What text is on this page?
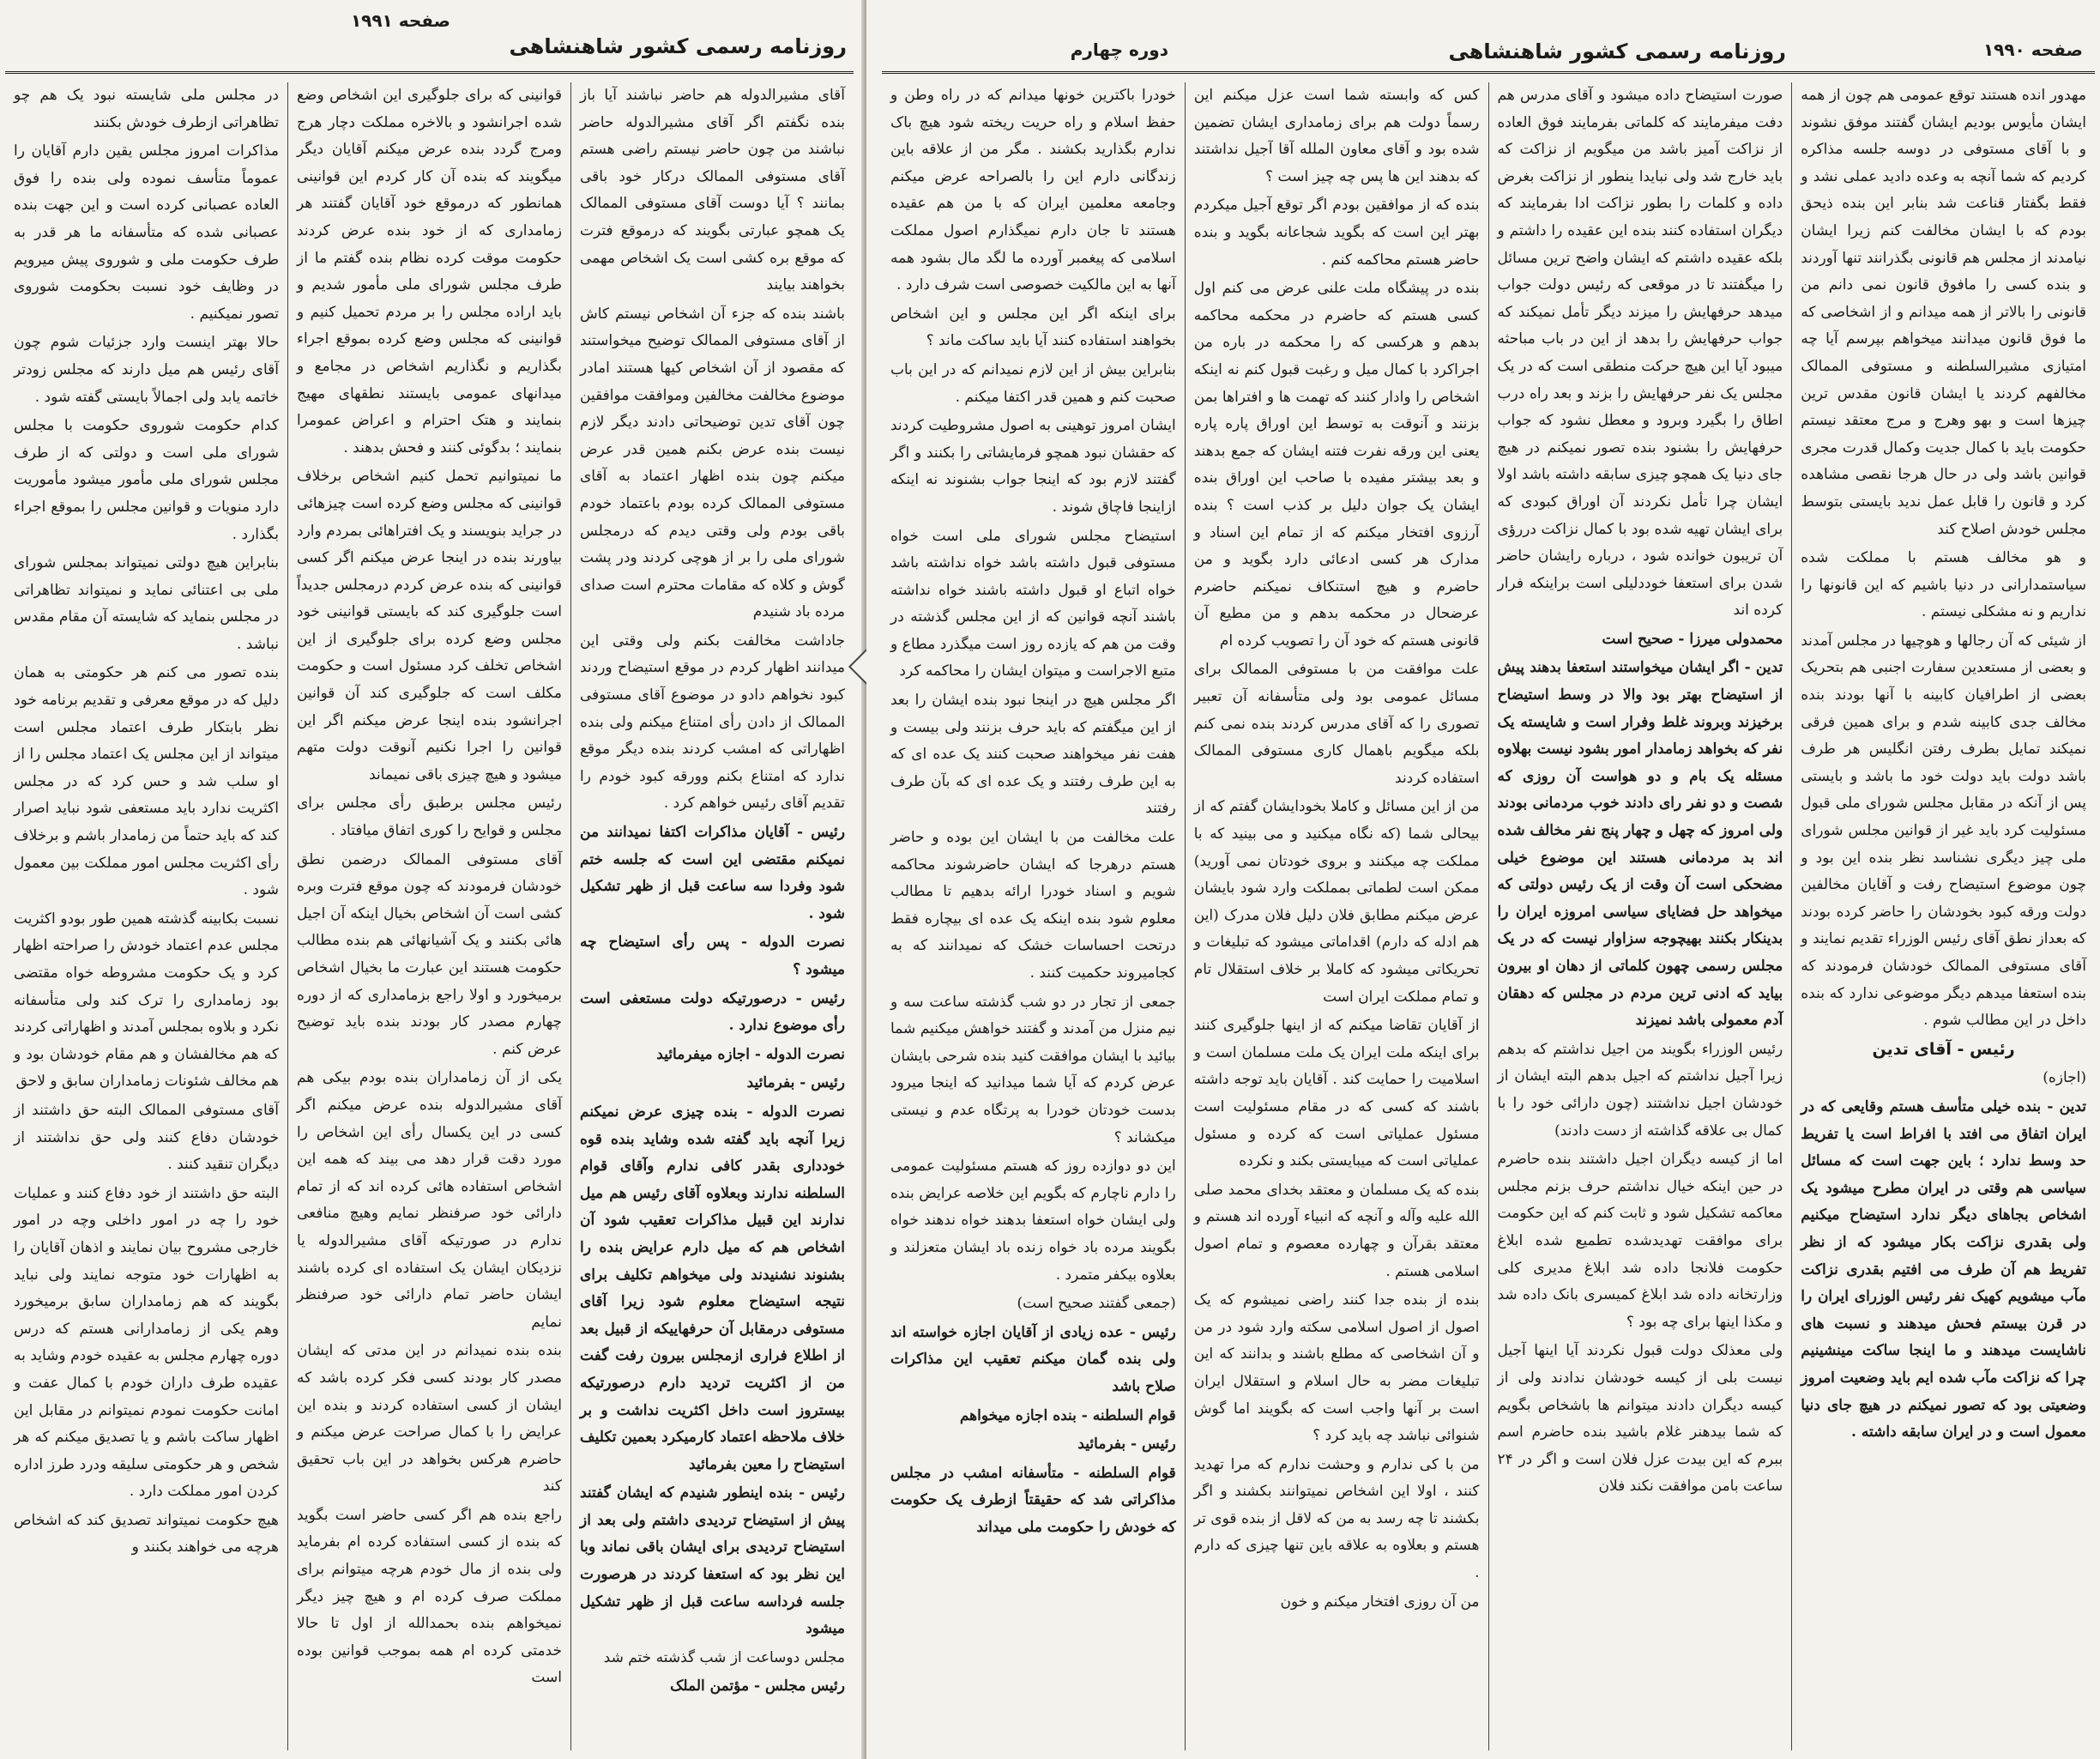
روزنامه رسمی کشور شاهنشاهی
صفحه ۱۹۹۱

آقای مشیرالدوله هم حاضر نباشند آیا باز بنده نگفتم اگر آقای مشیرالدوله حاضر نباشند من چون حاضر نیستم راضی هستم آقای مستوفی الممالک درکار خود باقی بمانند ؟ آیا دوست آقای مستوفی الممالک یک همچو عبارتی بگویند که درموقع فترت که موقع بره کشی است یک اشخاص مهمی بخواهند بیایند

باشند بنده که جزء آن اشخاص نیستم کاش از آقای مستوفی الممالک توضیح میخواستند که مقصود از آن اشخاص کیها هستند امادر موضوع مخالفت مخالفین وموافقت موافقین چون آقای تدین توضیحاتی دادند دیگر لازم نیست بنده عرض بکنم همین قدر عرض میکنم چون بنده اظهار اعتماد به آقای مستوفی الممالک کرده بودم باعتماد خودم باقی بودم ولی وقتی دیدم که درمجلس شورای ملی را بر از هوچی کردند ودر پشت گوش و کلاه که مقامات محترم است صدای مرده باد شنیدم

جاداشت مخالفت بکنم ولی وقتی این میدانند اظهار کردم در موقع استیضاح وردند کبود نخواهم دادو در موضوع آقای مستوفی الممالک از دادن رأی امتناع میکنم ولی بنده اظهاراتی که امشب کردند بنده دیگر موقع ندارد که امتناع بکنم وورقه کبود خودم را تقدیم آقای رئیس خواهم کرد .

رئیس - آقایان مذاکرات اکتفا نمیدانند من نمیکنم مقتضی این است که جلسه ختم شود وفردا سه ساعت قبل از ظهر تشکیل شود .

نصرت الدوله - پس رأی استیضاح چه میشود ؟

رئیس - درصورتیکه دولت مستعفی است رأی موضوع ندارد .

نصرت الدوله - اجازه میفرمائید

رئیس - بفرمائید

نصرت الدوله - بنده چیزی عرض نمیکنم زیرا آنچه باید گفته شده وشاید بنده قوه خودداری بقدر کافی ندارم وآقای قوام السلطنه ندارند وبعلاوه آقای رئیس هم میل ندارند این قبیل مذاکرات تعقیب شود آن اشخاص هم که میل دارم عرایض بنده را بشنوند نشنیدند ولی میخواهم تکلیف برای نتیجه استیضاح معلوم شود زیرا آقای مستوفی درمقابل آن حرفهاییکه از قبیل بعد از اطلاع فراری ازمجلس بیرون رفت گفت من از اکثریت تردید دارم درصورتیکه بیستروز است داخل اکثریت نداشت و بر خلاف ملاحظه اعتماد کارمیکرد بعمین تکلیف استیضاح را معین بفرمائید

رئیس - بنده اینطور شنیدم که ایشان گفتند پیش از استیضاح تردیدی داشتم ولی بعد از استیضاح تردیدی برای ایشان باقی نماند وبا این نظر بود که استعفا کردند در هرصورت جلسه فرداسه ساعت قبل از ظهر تشکیل میشود

مجلس دوساعت از شب گذشته ختم شد

رئیس مجلس - مؤتمن الملک

قوانینی که برای جلوگیری این اشخاص وضع شده اجرانشود و بالاخره مملکت دچار هرج ومرج گردد بنده عرض میکنم آقایان دیگر میگویند که بنده آن کار کردم این قوانینی همانطور که درموقع خود آقایان گفتند هر زمامداری که از خود بنده عرض کردند حکومت موقت کرده نظام بنده گفتم ما از طرف مجلس شورای ملی مأمور شدیم و باید اراده مجلس را بر مردم تحمیل کنیم و قوانینی که مجلس وضع کرده بموقع اجراء بگذاریم و نگذاریم اشخاص در مجامع و میدانهای عمومی بایستند نطقهای مهیج بنمایند و هتک احترام و اعراض عمومرا بنمایند ؛ بدگوئی کنند و فحش بدهند .

ما نمیتوانیم تحمل کنیم اشخاص برخلاف قوانینی که مجلس وضع کرده است چیزهائی در جراید بنویسند و یک افتراهائی بمردم وارد بیاورند بنده در اینجا عرض میکنم اگر کسی قوانینی که بنده عرض کردم درمجلس جدیداً است جلوگیری کند که بایستی قوانینی خود مجلس وضع کرده برای جلوگیری از این اشخاص تخلف کرد مسئول است و حکومت مکلف است که جلوگیری کند آن قوانین اجرانشود بنده اینجا عرض میکنم اگر این قوانین را اجرا نکنیم آنوقت دولت متهم میشود و هیچ چیزی باقی نمیماند

رئیس مجلس برطبق رأی مجلس برای مجلس و قوایح را کوری اتفاق میافتاد .

آقای مستوفی الممالک درضمن نطق خودشان فرمودند که چون موقع فترت وبره کشی است آن اشخاص بخیال اینکه آن اجیل هائی بکنند و یک آشیانهائی هم بنده مطالب حکومت هستند این عبارت ما بخیال اشخاص برمیخورد و اولا راجع بزمامداری که از دوره چهارم مصدر کار بودند بنده باید توضیح عرض کنم .

یکی از آن زمامداران بنده بودم بیکی هم آقای مشیرالدوله بنده عرض میکنم اگر کسی در این یکسال رأی این اشخاص را مورد دقت قرار دهد می بیند که همه این اشخاص استفاده هائی کرده اند که از تمام دارائی خود صرفنظر نمایم وهیچ منافعی ندارم در صورتیکه آقای مشیرالدوله یا نزدیکان ایشان یک استفاده ای کرده باشند ایشان حاضر تمام دارائی خود صرفنظر نمایم

بنده بنده نمیدانم در این مدتی که ایشان مصدر کار بودند کسی فکر کرده باشد که ایشان از کسی استفاده کردند و بنده این عرایض را با کمال صراحت عرض میکنم و حاضرم هرکس بخواهد در این باب تحقیق کند

راجع بنده هم اگر کسی حاضر است بگوید که بنده از کسی استفاده کرده ام بفرماید ولی بنده از مال خودم هرچه میتوانم برای مملکت صرف کرده ام و هیچ چیز دیگر نمیخواهم بنده بحمدالله از اول تا حالا خدمتی کرده ام همه بموجب قوانین بوده است

در مجلس ملی شایسته نبود یک هم چو تظاهراتی ازطرف خودش بکنند

مذاکرات امروز مجلس یقین دارم آقایان را عموماً متأسف نموده ولی بنده را فوق العاده عصبانی کرده است و این جهت بنده عصبانی شده که متأسفانه ما هر قدر به طرف حکومت ملی و شوروی پیش میرویم در وظایف خود نسبت بحکومت شوروی تصور نمیکنیم .

حالا بهتر اینست وارد جزئیات شوم چون آقای رئیس هم میل دارند که مجلس زودتر خاتمه یابد ولی اجمالاً بایستی گفته شود .

کدام حکومت شوروی حکومت با مجلس شورای ملی است و دولتی که از طرف مجلس شورای ملی مأمور میشود مأموریت دارد منویات و قوانین مجلس را بموقع اجراء بگذارد .

بنابراین هیچ دولتی نمیتواند بمجلس شورای ملی بی اعتنائی نماید و نمیتواند تظاهراتی در مجلس بنماید که شایسته آن مقام مقدس نباشد .

بنده تصور می کنم هر حکومتی به همان دلیل که در موقع معرفی و تقدیم برنامه خود نظر بابتکار طرف اعتماد مجلس است میتواند از این مجلس یک اعتماد مجلس را از او سلب شد و حس کرد که در مجلس اکثریت ندارد باید مستعفی شود نباید اصرار کند که باید حتماً من زمامدار باشم و برخلاف رأی اکثریت مجلس امور مملکت بین معمول شود .

نسبت بکابینه گذشته همین طور بودو اکثریت مجلس عدم اعتماد خودش را صراحته اظهار کرد و یک حکومت مشروطه خواه مقتضی بود زمامداری را ترک کند ولی متأسفانه نکرد و بلاوه بمجلس آمدند و اظهاراتی کردند که هم مخالفشان و هم مقام خودشان بود و هم مخالف شئونات زمامداران سابق و لاحق

آقای مستوفی الممالک البته حق داشتند از خودشان دفاع کنند ولی حق نداشتند از دیگران تنقید کنند .

البته حق داشتند از خود دفاع کنند و عملیات خود را چه در امور داخلی وچه در امور خارجی مشروح بیان نمایند و اذهان آقایان را به اظهارات خود متوجه نمایند ولی نباید بگویند که هم زمامداران سابق برمیخورد وهم یکی از زمامدارانی هستم که درس دوره چهارم مجلس به عقیده خودم وشاید به عقیده طرف داران خودم با کمال عفت و امانت حکومت نمودم نمیتوانم در مقابل این اظهار ساکت باشم و یا تصدیق میکنم که هر شخص و هر حکومتی سلیقه ودرد طرز اداره کردن امور مملکت دارد .

هیچ حکومت نمیتواند تصدیق کند که اشخاص هرچه می خواهند بکنند و

صفحه ۱۹۹۰
روزنامه رسمی کشور شاهنشاهی
دوره چهارم

مهدور انده هستند توقع عمومی هم چون از همه ایشان مأیوس بودیم ایشان گفتند موفق نشوند و با آقای مستوفی در دوسه جلسه مذاکره کردیم که شما آنچه به وعده دادید عملی نشد و فقط بگفتار قناعت شد بنابر این بنده ذیحق بودم که با ایشان مخالفت کنم زیرا ایشان نیامدند از مجلس هم قانونی بگذرانند تنها آوردند و بنده کسی را مافوق قانون نمی دانم من قانونی را بالاتر از همه میدانم و از اشخاصی که ما فوق قانون میدانند میخواهم بپرسم آیا چه امتیازی مشیرالسلطنه و مستوفی الممالک مخالفهم کردند یا ایشان قانون مقدس ترین چیزها است و بهو وهرج و مرج معتقد نیستم حکومت باید با کمال جدیت وکمال قدرت مجری قوانین باشد ولی در حال هرجا نقصی مشاهده کرد و قانون را قابل عمل ندید بایستی بتوسط مجلس خودش اصلاح کند

و هو مخالف هستم با مملکت شده سیاستمدارانی در دنیا باشیم که این قانونها را نداریم و نه مشکلی نیستم .

از شیئی که آن رجالها و هوچیها در مجلس آمدند و بعضی از مستعدین سفارت اجنبی هم بتحریک بعضی از اطرافیان کابینه با آنها بودند بنده مخالف جدی کابینه شدم و برای همین فرقی نمیکند تمایل بطرف رفتن انگلیس هر طرف باشد دولت باید دولت خود ما باشد و بایستی پس از آنکه در مقابل مجلس شورای ملی قبول مسئولیت کرد باید غیر از قوانین مجلس شورای ملی چیز دیگری نشناسد نظر بنده این بود و چون موضوع استیضاح رفت و آقایان مخالفین دولت ورقه کبود بخودشان را حاضر کرده بودند که بعداز نطق آقای رئیس الوزراء تقدیم نمایند و آقای مستوفی الممالک خودشان فرمودند که بنده استعفا میدهم دیگر موضوعی ندارد که بنده داخل در این مطالب شوم .

رئیس - آقای تدین

(اجازه)

تدین - بنده خیلی متأسف هستم وقایعی که در ایران اتفاق می افتد با افراط است یا تفریط حد وسط ندارد ؛ باین جهت است که مسائل سیاسی هم وقتی در ایران مطرح میشود یک اشخاص بجاهای دیگر ندارد استیضاح میکنیم ولی بقدری نزاکت بکار میشود که از نظر تفریط هم آن طرف می افتیم بقدری نزاکت مآب میشویم کهیک نفر رئیس الوزرای ایران را در قرن بیستم فحش میدهند و نسبت های ناشایست میدهند و ما اینجا ساکت مینشینیم چرا که نزاکت مآب شده ایم باید وضعیت امروز وضعیتی بود که تصور نمیکنم در هیچ جای دنیا معمول است و در ایران سابقه داشته .

صورت استیضاح داده میشود و آقای مدرس هم دفت میفرمایند که کلماتی بفرمایند فوق العاده از نزاکت آمیز باشد من میگویم از نزاکت که باید خارج شد ولی نبایدا ینطور از نزاکت بغرض داده و کلمات را بطور نزاکت ادا بفرمایند که دیگران استفاده کنند بنده این عقیده را داشتم و بلکه عقیده داشتم که ایشان واضح ترین مسائل را میگفتند تا در موقعی که رئیس دولت جواب میدهد حرفهایش را میزند دیگر تأمل نمیکند که جواب حرفهایش را بدهد از این در باب مباحثه میبود آیا این هیچ حرکت منطقی است که در یک مجلس یک نفر حرفهایش را بزند و بعد راه درب اطاق را بگیرد وبرود و معطل نشود که جواب حرفهایش را بشنود بنده تصور نمیکنم در هیچ جای دنیا یک همچو چیزی سابقه داشته باشد اولا ایشان چرا تأمل نکردند آن اوراق کبودی که برای ایشان تهیه شده بود با کمال نزاکت دررؤی آن تریبون خوانده شود ، درباره رایشان حاضر شدن برای استعفا خوددلیلی است براینکه فرار کرده اند

محمدولی میرزا - صحیح است

تدین - اگر ایشان میخواستند استعفا بدهند پیش از استیضاح بهتر بود والا در وسط استیضاح برخیزند وبروند غلط وفرار است و شایسته یک نفر که بخواهد زمامدار امور بشود نیست بهلاوه مسئله یک بام و دو هواست آن روزی که شصت و دو نفر رای دادند خوب مردمانی بودند ولی امروز که چهل و چهار پنج نفر مخالف شده اند بد مردمانی هستند این موضوع خیلی مضحکی است آن وقت از یک رئیس دولتی که میخواهد حل فضایای سیاسی امروزه ایران را بدینکار بکنند بهیچوجه سزاوار نیست که در یک مجلس رسمی چهون کلماتی از دهان او بیرون بیاید که ادنی ترین مردم در مجلس که دهقان آدم معمولی باشد نمیزند

رئیس الوزراء بگویند من اجیل نداشتم که بدهم زیرا آجیل نداشتم که اجیل بدهم البته ایشان از خودشان اجیل نداشتند (چون دارائی خود را با کمال بی علاقه گذاشته از دست دادند)

اما از کیسه دیگران اجیل داشتند بنده حاضرم در حین اینکه خیال نداشتم حرف بزنم مجلس معاکمه تشکیل شود و ثابت کنم که این حکومت برای موافقت تهدیدشده تطمیع شده ابلاغ حکومت فلانجا داده شد ابلاغ مدیری کلی وزارتخانه داده شد ابلاغ کمیسری بانک داده شد و مکذا اینها برای چه بود ؟

ولی معذلک دولت قبول نکردند آیا اینها آجیل نیست بلی از کیسه خودشان ندادند ولی از کیسه دیگران دادند میتوانم ها باشخاص بگویم که شما بیدهنر غلام باشید بنده حاضرم اسم ببرم که این بیدت عزل فلان است و اگر در ۲۴ ساعت بامن موافقت نکند فلان

کس که وابسته شما است عزل میکنم این رسماً دولت هم برای زمامداری ایشان تضمین شده بود و آقای معاون الملله آقا آجیل نداشتند که بدهند این ها پس چه چیز است ؟

بنده که از موافقین بودم اگر توقع آجیل میکردم بهتر این است که بگوید شجاعانه بگوید و بنده حاضر هستم محاکمه کنم .

بنده در پیشگاه ملت علنی عرض می کنم اول کسی هستم که حاضرم در محکمه محاکمه بدهم و هرکسی که را محکمه در باره من اجراکرد با کمال میل و رغبت قبول کنم نه اینکه اشخاص را وادار کنند که تهمت ها و افتراها بمن بزنند و آنوقت به توسط این اوراق پاره پاره یعنی این ورقه نفرت فتنه ایشان که جمع بدهند و بعد بیشتر مفیده با صاحب این اوراق بنده ایشان یک جوان دلیل بر کذب است ؟ بنده آرزوی افتخار میکنم که از تمام این اسناد و مدارک هر کسی ادعائی دارد بگوید و من حاضرم و هیچ استنکاف نمیکنم حاضرم عرضحال در محکمه بدهم و من مطیع آن قانونی هستم که خود آن را تصویب کرده ام

علت موافقت من با مستوفی الممالک برای مسائل عمومی بود ولی متأسفانه آن تعبیر تصوری را که آقای مدرس کردند بنده نمی کنم بلکه میگویم باهمال کاری مستوفی الممالک استفاده کردند

من از این مسائل و کاملا بخودایشان گفتم که از بیحالی شما (که نگاه میکنید و می بینید که با مملکت چه میکنند و بروی خودتان نمی آورید) ممکن است لطماتی بمملکت وارد شود بایشان عرض میکنم مطابق فلان دلیل فلان مدرک (این هم ادله که دارم) اقداماتی میشود که تبلیغات و تحریکاتی میشود که کاملا بر خلاف استقلال تام و تمام مملکت ایران است

از آقایان تقاضا میکنم که از اینها جلوگیری کنند برای اینکه ملت ایران یک ملت مسلمان است و اسلامیت را حمایت کند . آقایان باید توجه داشته باشند که کسی که در مقام مسئولیت است مسئول عملیاتی است که کرده و مسئول عملیاتی است که میبایستی بکند و نکرده

بنده که یک مسلمان و معتقد بخدای محمد صلی الله علیه وآله و آنچه که انبیاء آورده اند هستم و معتقد بقرآن و چهارده معصوم و تمام اصول اسلامی هستم .

بنده از بنده جدا کنند راضی نمیشوم که یک اصول از اصول اسلامی سکته وارد شود در من و آن اشخاصی که مطلع باشند و بدانند که این تبلیغات مضر به حال اسلام و استقلال ایران است بر آنها واجب است که بگویند اما گوش شنوائی نباشد چه باید کرد ؟

من با کی ندارم و وحشت ندارم که مرا تهدید کنند ، اولا این اشخاص نمیتوانند بکشند و اگر بکشند تا چه رسد به من که لاقل از بنده قوی تر هستم و بعلاوه به علاقه باین تنها چیزی که دارم .

من آن روزی افتخار میکنم و خون

خودرا باکترین خونها میدانم که در راه وطن و حفظ اسلام و راه حریت ریخته شود هیچ باک ندارم بگذارید بکشند . مگر من از علاقه باین زندگانی دارم این را بالصراحه عرض میکنم وجامعه معلمین ایران که با من هم عقیده هستند تا جان دارم نمیگذارم اصول مملکت اسلامی که پیغمبر آورده ما لگد مال بشود همه آنها به این مالکیت خصوصی است شرف دارد .

برای اینکه اگر این مجلس و این اشخاص بخواهند استفاده کنند آیا باید ساکت ماند ؟

بنابراین بیش از این لازم نمیدانم که در این باب صحبت کنم و همین قدر اکتفا میکنم .

ایشان امروز توهینی به اصول مشروطیت کردند که حقشان نبود همچو فرمایشاتی را بکنند و اگر گفتند لازم بود که اینجا جواب بشنوند نه اینکه ازاینجا فاچاق شوند .

استیضاح مجلس شورای ملی است خواه مستوفی قبول داشته باشد خواه نداشته باشد خواه اتباع او قبول داشته باشند خواه نداشته باشند آنچه قوانین که از این مجلس گذشته در وقت من هم که یازده روز است میگذرد مطاع و متبع الاجراست و میتوان ایشان را محاکمه کرد

اگر مجلس هیچ در اینجا نبود بنده ایشان را بعد از این میگفتم که باید حرف بزنند ولی بیست و هفت نفر میخواهند صحبت کنند یک عده ای که به این طرف رفتند و یک عده ای که بآن طرف رفتند

علت مخالفت من با ایشان این بوده و حاضر هستم درهرجا که ایشان حاضرشوند محاکمه شویم و اسناد خودرا ارائه بدهیم تا مطالب معلوم شود بنده اینکه یک عده ای بیچاره فقط درتحت احساسات خشک که نمیدانند که به کجامیروند حکمیت کنند .

جمعی از تجار در دو شب گذشته ساعت سه و نیم منزل من آمدند و گفتند خواهش میکنیم شما بیائید با ایشان موافقت کنید بنده شرحی بایشان عرض کردم که آیا شما میدانید که اینجا میرود بدست خودتان خودرا به پرتگاه عدم و نیستی میکشاند ؟

این دو دوازده روز که هستم مسئولیت عمومی را دارم ناچارم که بگویم این خلاصه عرایض بنده ولی ایشان خواه استعفا بدهند خواه ندهند خواه بگویند مرده باد خواه زنده باد ایشان متعزلند و بعلاوه بیکفر متمرد .

(جمعی گفتند صحیح است)

رئیس - عده زیادی از آقایان اجازه خواسته اند ولی بنده گمان میکنم تعقیب این مذاکرات صلاح باشد

قوام السلطنه - بنده اجازه میخواهم

رئیس - بفرمائید

قوام السلطنه - متأسفانه امشب در مجلس مذاکراتی شد که حقیقتاً ازطرف یک حکومت که خودش را حکومت ملی میداند
